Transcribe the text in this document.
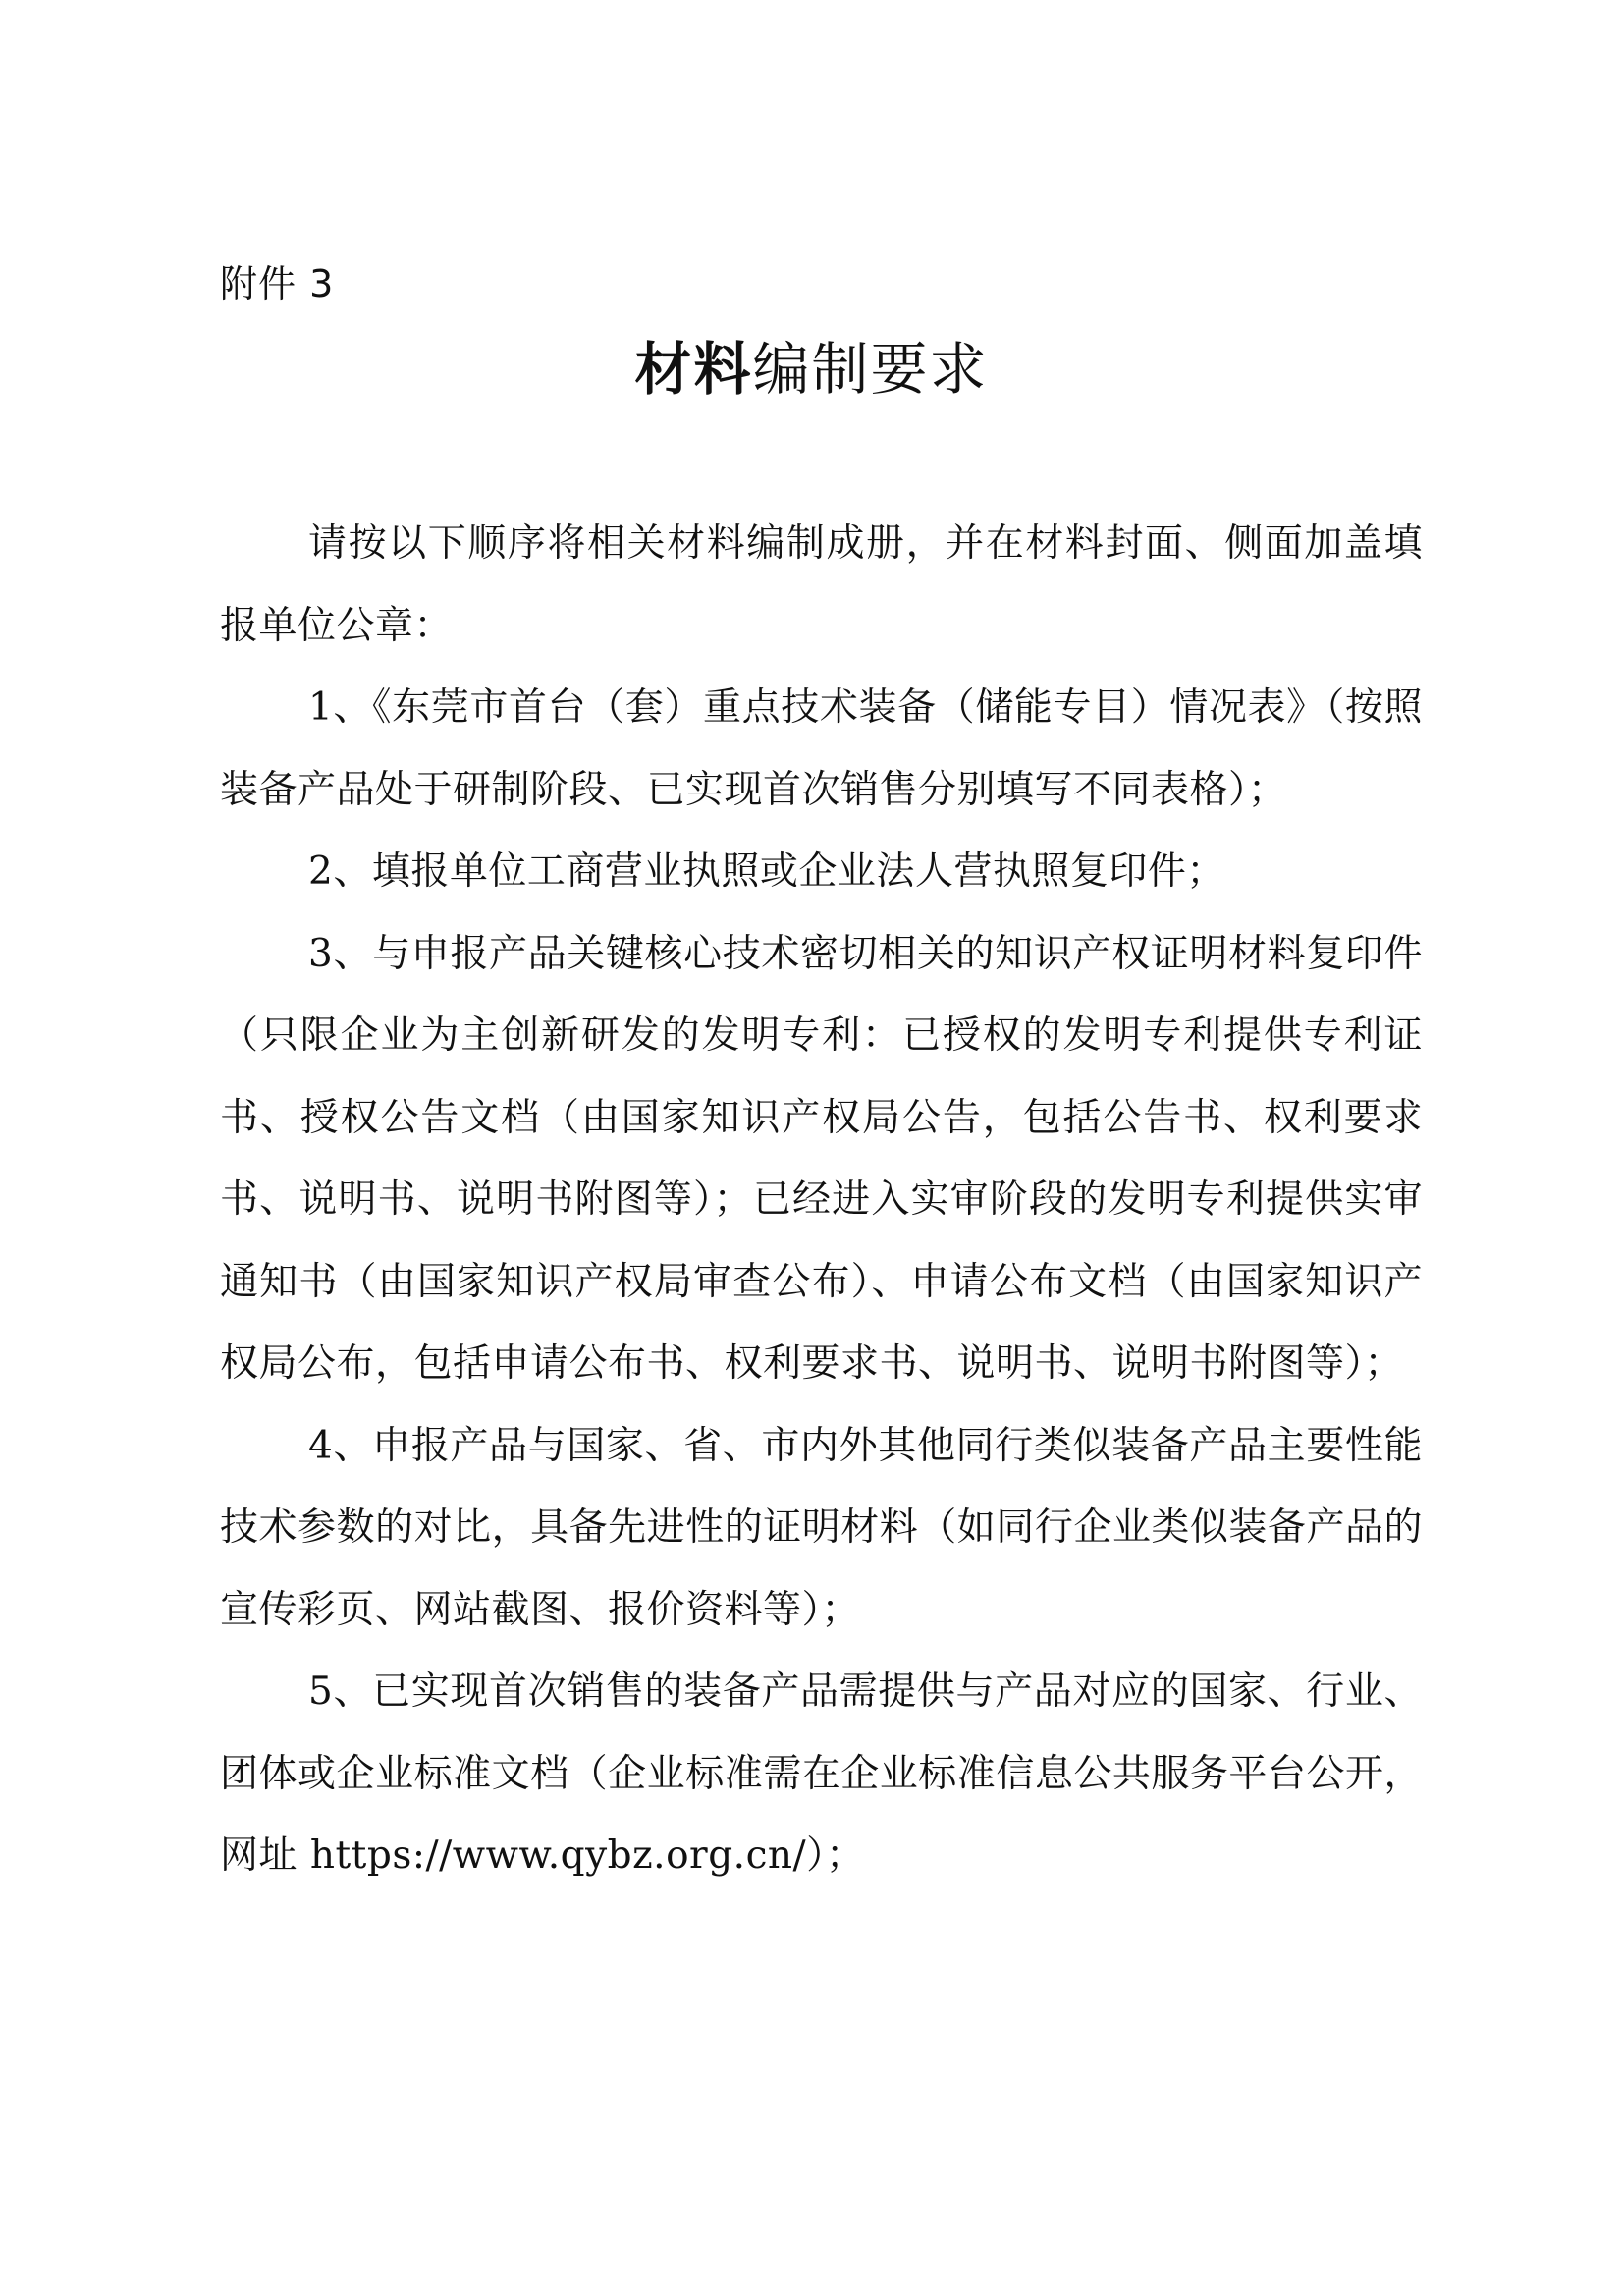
附件 3
材料编制要求

请按以下顺序将相关材料编制成册，并在材料封面、侧面加盖填报单位公章：

1、《东莞市首台（套）重点技术装备（储能专目）情况表》（按照装备产品处于研制阶段、已实现首次销售分别填写不同表格）；

2、填报单位工商营业执照或企业法人营执照复印件；

3、与申报产品关键核心技术密切相关的知识产权证明材料复印件（只限企业为主创新研发的发明专利：已授权的发明专利提供专利证书、授权公告文档（由国家知识产权局公告，包括公告书、权利要求书、说明书、说明书附图等）；已经进入实审阶段的发明专利提供实审通知书（由国家知识产权局审查公布）、申请公布文档（由国家知识产权局公布，包括申请公布书、权利要求书、说明书、说明书附图等）；

4、申报产品与国家、省、市内外其他同行类似装备产品主要性能技术参数的对比，具备先进性的证明材料（如同行企业类似装备产品的宣传彩页、网站截图、报价资料等）；

5、已实现首次销售的装备产品需提供与产品对应的国家、行业、团体或企业标准文档（企业标准需在企业标准信息公共服务平台公开，网址 https://www.qybz.org.cn/）；
